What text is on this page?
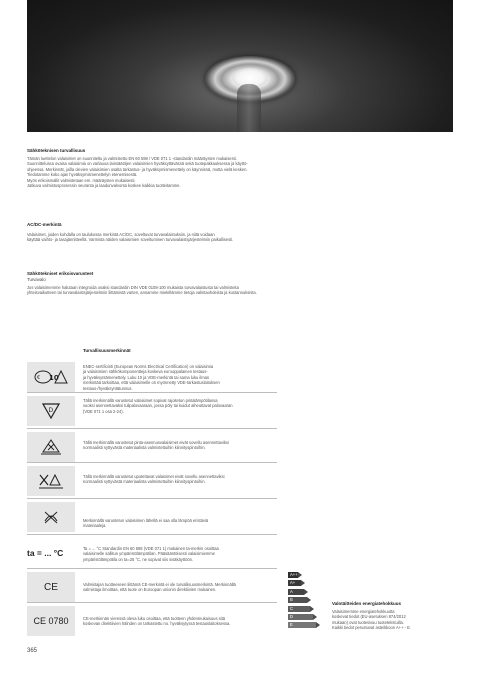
Sähköteknisen turvallisuus
Tämän luettelon valaisimet on suunniteltu ja valmistettu EN 60 598 / VDE 071 1 -standardin määräysten mukaisesti.
Suunnittelussa ovaisa valaisimia on varlauoa lainsäätöjen valaisimien hyväksyttävässä sekä tuotepakkauksessa ja käyttö-
ohjeessa. Merkinnät, joilla olevien valaisimien osalta tarkastus- ja hyväksymismenettely on käynnissä, mutta vielä kesken.
Tiedotamme koko ajan hyväksymismenettelyn etenemisestä.
Myös erikoismallit valmistetaan em. määräysten mukaisesti.
Jatkuva valmistusprosessin seuranta ja laadunvalvonta koskee kaikkia tuotteitamme.
AC/DC-merkintä
Valaisimet, joiden kohdalla on taulukossa merkintä AC/DC, soveltuvat turvavalaistuksiin, ja niitä voidaan
käyttää vaihto- ja tasajännitteellä. Varmista näiden valaisimien soveltuminen turvavalaistsjärjestelmiin paikallisesti.
Sähkötekniset erikoisvarusteet
Turvavalo
Jos valaisimemme halutaan integroida osaksi standardin DIN VDE 0108-100 mukaista turvavalaistusta tai valmisteita
yhteisvaikutteen tai turvavalaistsjärjestelmiin liittämistä varten, annamme mielellämme tietoja valintaohdeista ja kustannuksista.
Turvallisuusmerkinnät
€ 10
ENEC-sertifiointi (European Norms Electrical Certification) on valaisimia
ja valaisimien sähkökomponentteja koskeva eurooppalainen testaus-
ja hyväksyntämenettely. Luku 10 ja VDE-merkintä tai sama luku ilman
merkintää tarkoittaa, että valaisimelle on myönnetty VDE-tarkastuslaitoksen
testaus-/hyväksyntätunnus.
D
Tällä merkinnällä varustetut valaisimet sopivat rajoitetun pintalämpötilansa
vuoksi asennettavaksi tulipalovaaraan, jossa pöly tai kuidut aiheuttavat palovaaran
(VDE 071 1 osa 2-24).
Tällä merkinnällä varustetut pinta-asennusvalaisimet eivät sovellu asennettaviksi
normaalisti syttyvästä materiaalista valmistettuihin kiinnityspintoihin.
Tällä merkinnällä varustetut upotettavat valaisimet eivät sovellu asennettaviksi
normaalisti syttyvästä materiaalista valmistettuihin kiinnityspintoihin.
Merkinnällä varustetun valaisimen lähellä ei saa olla lämpöä eristäviä
materiaaleja.
ta = ... °C	Ta = ... °C Standardin EN 60 598 (VDE 071 1) mukainen ta-merkin osoittaa
valaisimelle sallitun ympäristölämpötilan. Pääsääntöisesti valaisimiemme
ympäristölämpötila on ta=25 °C, ne sopivat siis sisäkäyttöön.
CE	Valmistajan tuotteeseen liittämä CE-merkintä ei ole turvallisuusmerkintä. Merkinnällä
valmistaja ilmoittaa, että tuote on Euroopan unionin direktiivien mukainen.
CE 0780	CE-merkinnän vieressä oleva luku osoittaa, että tuotteen yhdenmukaisuus sitä
koskevan direktiivien hälnden on tarkastettu no. hyväksytyssä testauslaitoksessa.
A++
A+
A
B
C
D
E
Valotäitteiden energiatehokkuus
Valaisimemme energiatehokkuutta
koskevat tiedot (EU-asetuksen 874/2012
mukaan) ovat tuotesivuu tuotetekstuilla.
Kaikki tiedot perustuvat asteikkoon A++ - E.
365
